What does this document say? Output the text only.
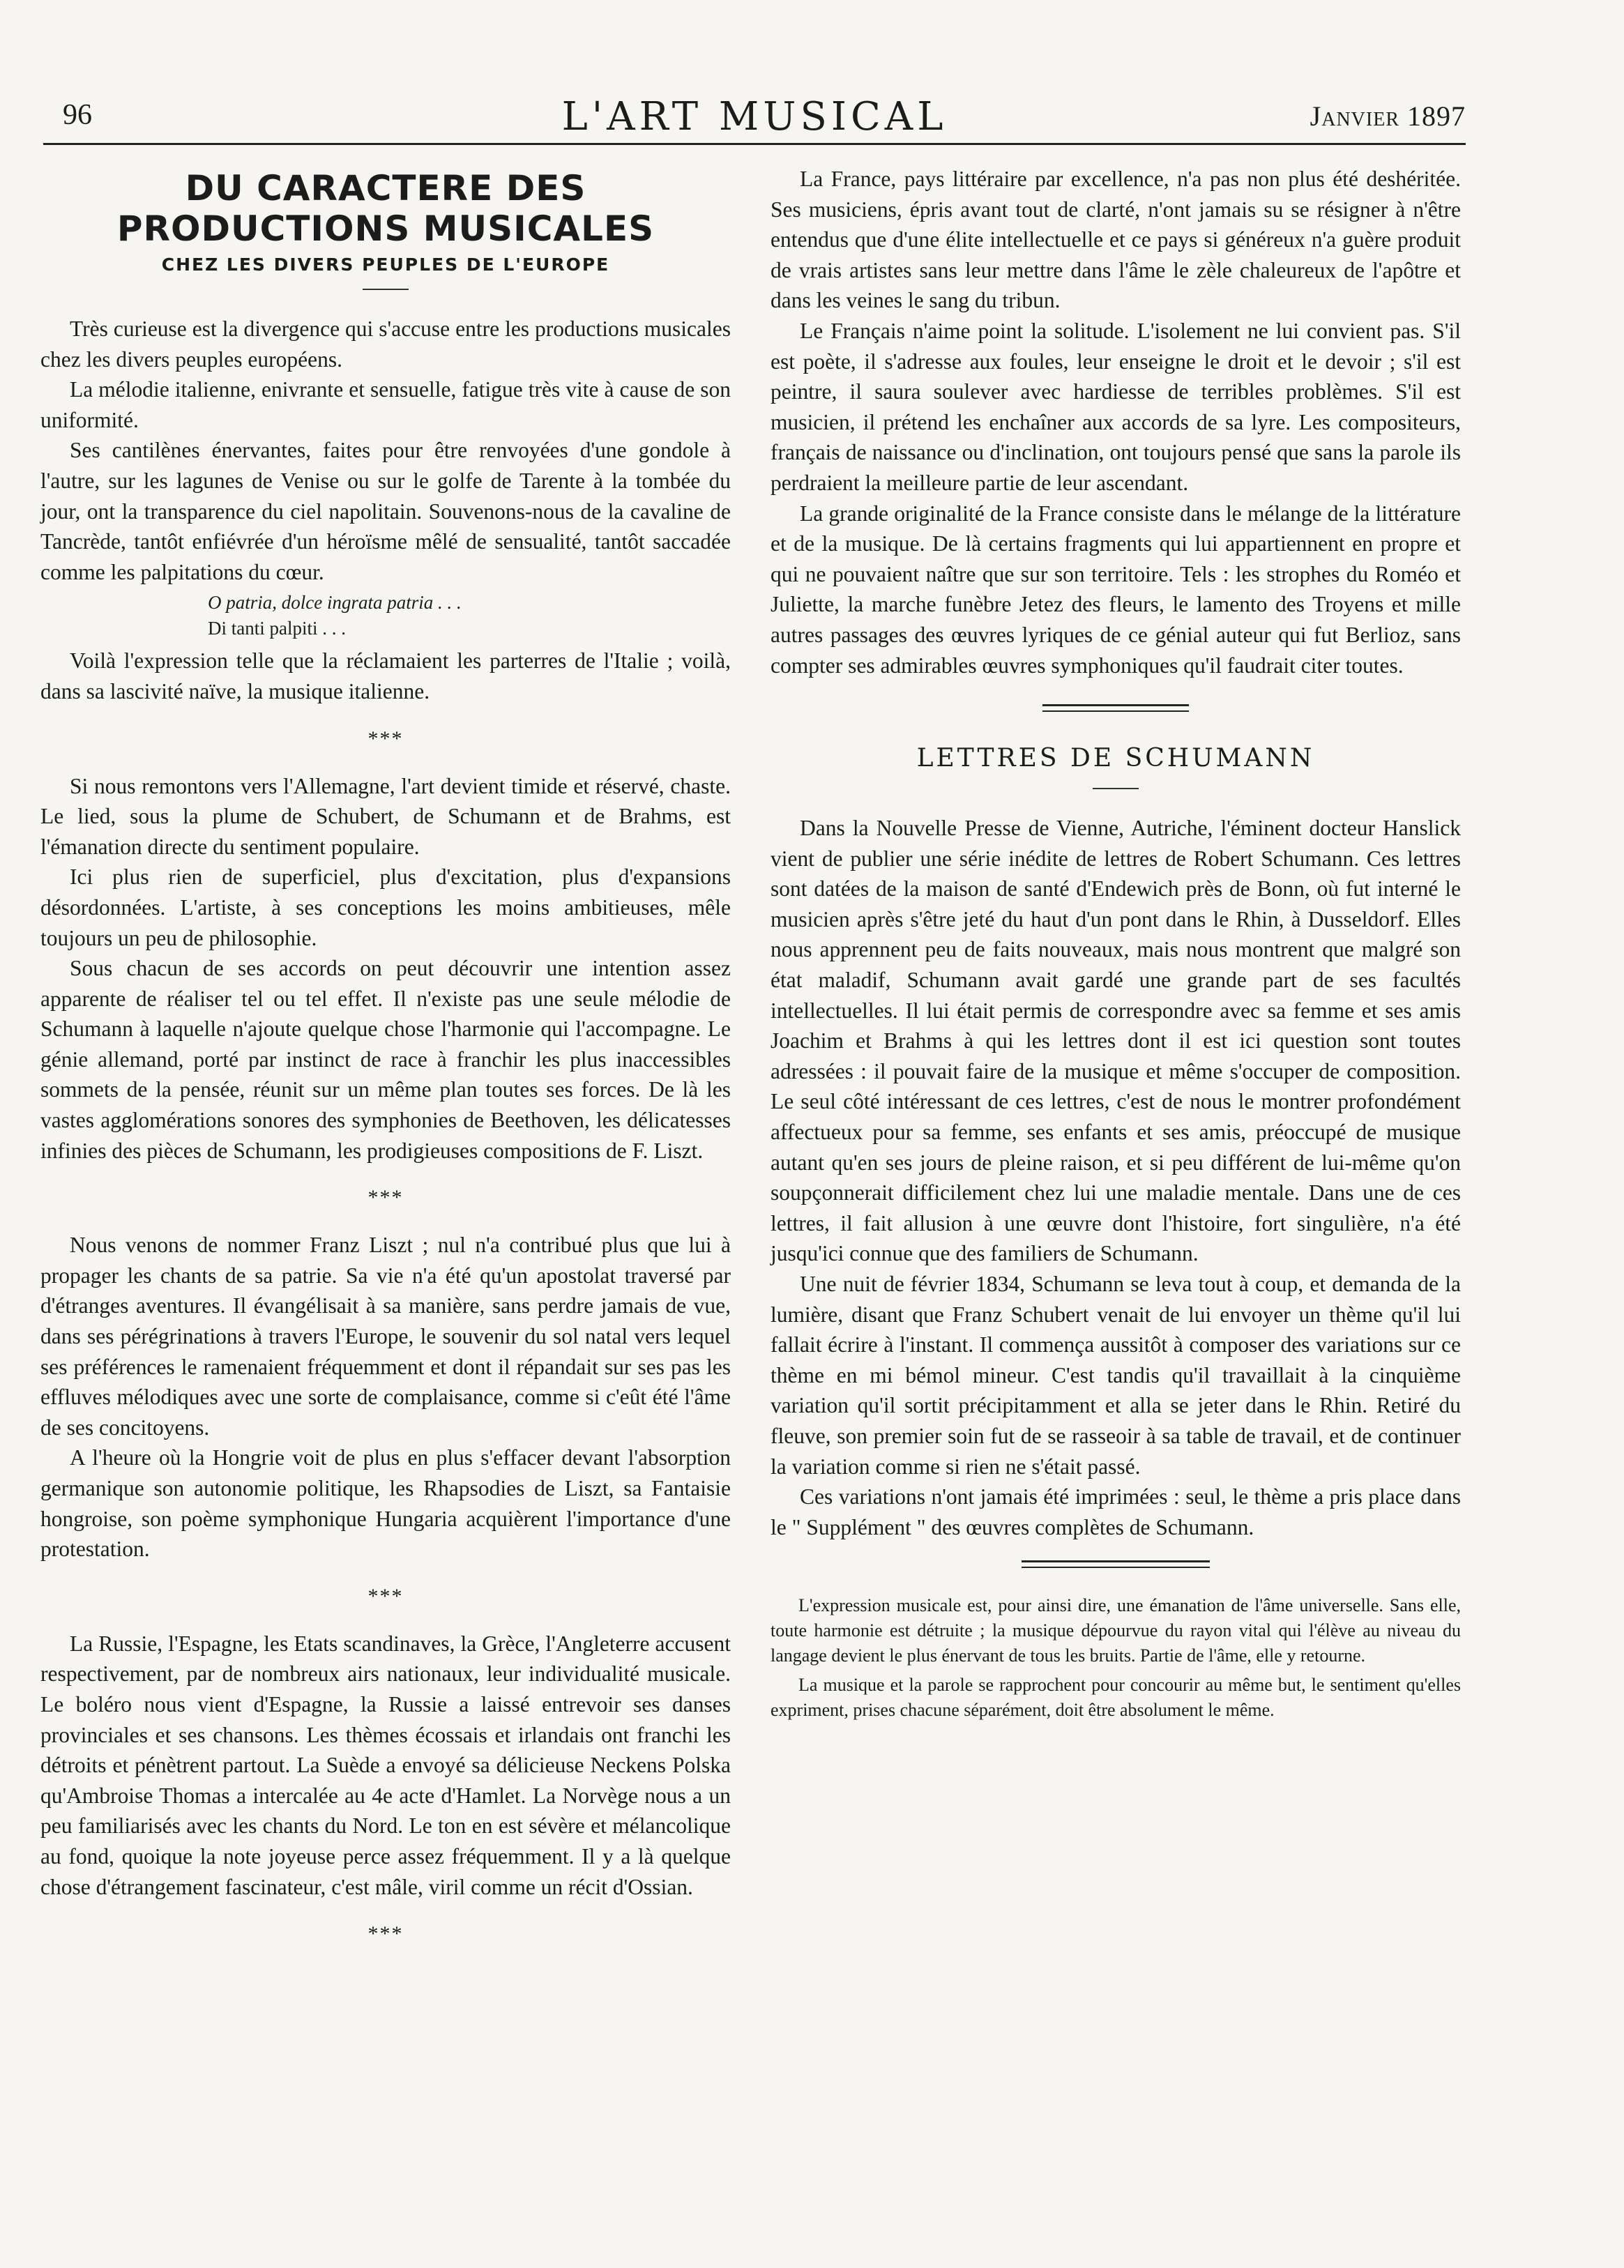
96	L'ART MUSICAL	Janvier 1897
DU CARACTERE DES PRODUCTIONS MUSICALES
CHEZ LES DIVERS PEUPLES DE L'EUROPE

Très curieuse est la divergence qui s'accuse entre les productions musicales chez les divers peuples européens.

La mélodie italienne, enivrante et sensuelle, fatigue très vite à cause de son uniformité.

Ses cantilènes énervantes, faites pour être renvoyées d'une gondole à l'autre, sur les lagunes de Venise ou sur le golfe de Tarente à la tombée du jour, ont la transparence du ciel napolitain. Souvenons-nous de la cavaline de Tancrède, tantôt enfiévrée d'un héroïsme mêlé de sensualité, tantôt saccadée comme les palpitations du cœur.

O patria, dolce ingrata patria . . .
Di tanti palpiti . . .

Voilà l'expression telle que la réclamaient les parterres de l'Italie ; voilà, dans sa lascivité naïve, la musique italienne.

***

Si nous remontons vers l'Allemagne, l'art devient timide et réservé, chaste. Le lied, sous la plume de Schubert, de Schumann et de Brahms, est l'émanation directe du sentiment populaire.

Ici plus rien de superficiel, plus d'excitation, plus d'expansions désordonnées. L'artiste, à ses conceptions les moins ambitieuses, mêle toujours un peu de philosophie.

Sous chacun de ses accords on peut découvrir une intention assez apparente de réaliser tel ou tel effet. Il n'existe pas une seule mélodie de Schumann à laquelle n'ajoute quelque chose l'harmonie qui l'accompagne. Le génie allemand, porté par instinct de race à franchir les plus inaccessibles sommets de la pensée, réunit sur un même plan toutes ses forces. De là les vastes agglomérations sonores des symphonies de Beethoven, les délicatesses infinies des pièces de Schumann, les prodigieuses compositions de F. Liszt.

***

Nous venons de nommer Franz Liszt ; nul n'a contribué plus que lui à propager les chants de sa patrie. Sa vie n'a été qu'un apostolat traversé par d'étranges aventures. Il évangélisait à sa manière, sans perdre jamais de vue, dans ses pérégrinations à travers l'Europe, le souvenir du sol natal vers lequel ses préférences le ramenaient fréquemment et dont il répandait sur ses pas les effluves mélodiques avec une sorte de complaisance, comme si c'eût été l'âme de ses concitoyens.

A l'heure où la Hongrie voit de plus en plus s'effacer devant l'absorption germanique son autonomie politique, les Rhapsodies de Liszt, sa Fantaisie hongroise, son poème symphonique Hungaria acquièrent l'importance d'une protestation.

***

La Russie, l'Espagne, les Etats scandinaves, la Grèce, l'Angleterre accusent respectivement, par de nombreux airs nationaux, leur individualité musicale. Le boléro nous vient d'Espagne, la Russie a laissé entrevoir ses danses provinciales et ses chansons. Les thèmes écossais et irlandais ont franchi les détroits et pénètrent partout. La Suède a envoyé sa délicieuse Neckens Polska qu'Ambroise Thomas a intercalée au 4e acte d'Hamlet. La Norvège nous a un peu familiarisés avec les chants du Nord. Le ton en est sévère et mélancolique au fond, quoique la note joyeuse perce assez fréquemment. Il y a là quelque chose d'étrangement fascinateur, c'est mâle, viril comme un récit d'Ossian.

***

La France, pays littéraire par excellence, n'a pas non plus été deshéritée. Ses musiciens, épris avant tout de clarté, n'ont jamais su se résigner à n'être entendus que d'une élite intellectuelle et ce pays si généreux n'a guère produit de vrais artistes sans leur mettre dans l'âme le zèle chaleureux de l'apôtre et dans les veines le sang du tribun.

Le Français n'aime point la solitude. L'isolement ne lui convient pas. S'il est poète, il s'adresse aux foules, leur enseigne le droit et le devoir ; s'il est peintre, il saura soulever avec hardiesse de terribles problèmes. S'il est musicien, il prétend les enchaîner aux accords de sa lyre. Les compositeurs, français de naissance ou d'inclination, ont toujours pensé que sans la parole ils perdraient la meilleure partie de leur ascendant.

La grande originalité de la France consiste dans le mélange de la littérature et de la musique. De là certains fragments qui lui appartiennent en propre et qui ne pouvaient naître que sur son territoire. Tels : les strophes du Roméo et Juliette, la marche funèbre Jetez des fleurs, le lamento des Troyens et mille autres passages des œuvres lyriques de ce génial auteur qui fut Berlioz, sans compter ses admirables œuvres symphoniques qu'il faudrait citer toutes.

LETTRES DE SCHUMANN

Dans la Nouvelle Presse de Vienne, Autriche, l'éminent docteur Hanslick vient de publier une série inédite de lettres de Robert Schumann. Ces lettres sont datées de la maison de santé d'Endewich près de Bonn, où fut interné le musicien après s'être jeté du haut d'un pont dans le Rhin, à Dusseldorf. Elles nous apprennent peu de faits nouveaux, mais nous montrent que malgré son état maladif, Schumann avait gardé une grande part de ses facultés intellectuelles. Il lui était permis de correspondre avec sa femme et ses amis Joachim et Brahms à qui les lettres dont il est ici question sont toutes adressées : il pouvait faire de la musique et même s'occuper de composition. Le seul côté intéressant de ces lettres, c'est de nous le montrer profondément affectueux pour sa femme, ses enfants et ses amis, préoccupé de musique autant qu'en ses jours de pleine raison, et si peu différent de lui-même qu'on soupçonnerait difficilement chez lui une maladie mentale. Dans une de ces lettres, il fait allusion à une œuvre dont l'histoire, fort singulière, n'a été jusqu'ici connue que des familiers de Schumann.

Une nuit de février 1834, Schumann se leva tout à coup, et demanda de la lumière, disant que Franz Schubert venait de lui envoyer un thème qu'il lui fallait écrire à l'instant. Il commença aussitôt à composer des variations sur ce thème en mi bémol mineur. C'est tandis qu'il travaillait à la cinquième variation qu'il sortit précipitamment et alla se jeter dans le Rhin. Retiré du fleuve, son premier soin fut de se rasseoir à sa table de travail, et de continuer la variation comme si rien ne s'était passé.

Ces variations n'ont jamais été imprimées : seul, le thème a pris place dans le " Supplément " des œuvres complètes de Schumann.

L'expression musicale est, pour ainsi dire, une émanation de l'âme universelle. Sans elle, toute harmonie est détruite ; la musique dépourvue du rayon vital qui l'élève au niveau du langage devient le plus énervant de tous les bruits. Partie de l'âme, elle y retourne.

La musique et la parole se rapprochent pour concourir au même but, le sentiment qu'elles expriment, prises chacune séparément, doit être absolument le même.
